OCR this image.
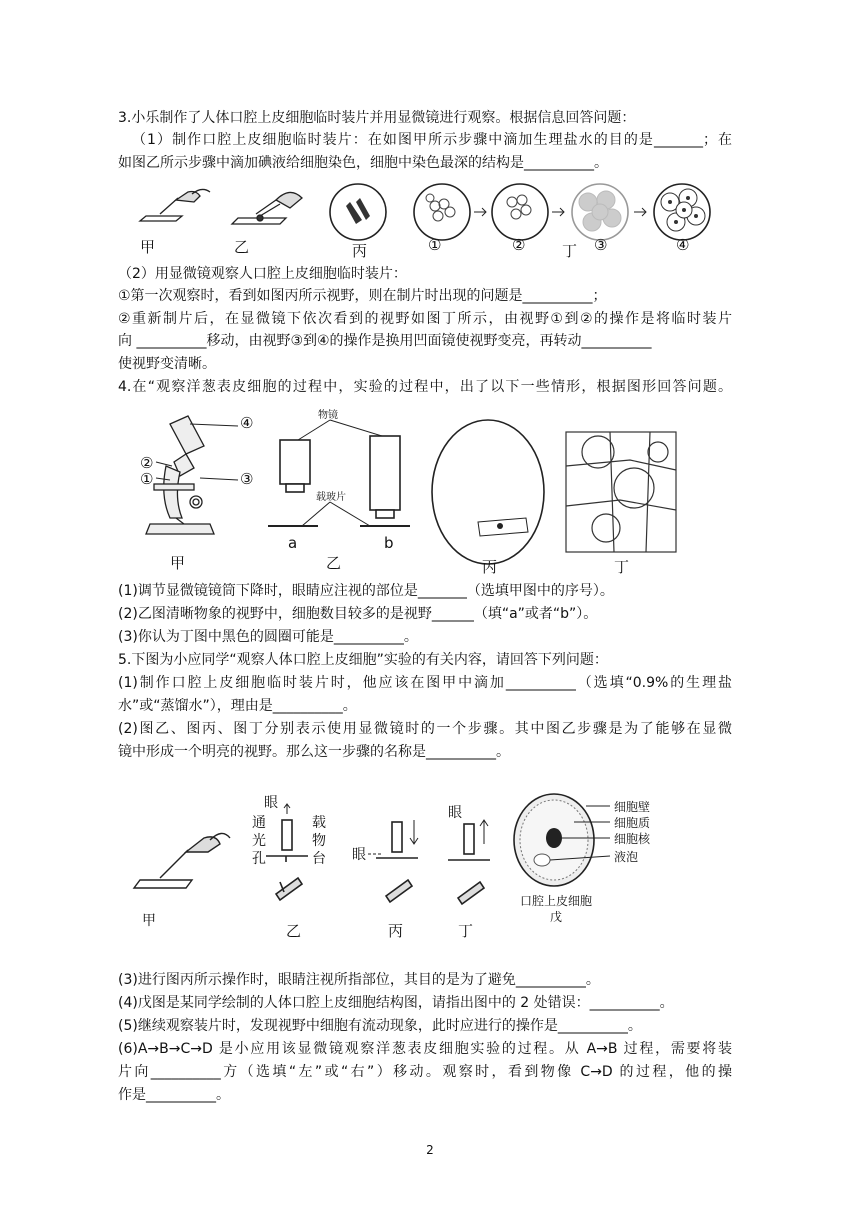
3.小乐制作了人体口腔上皮细胞临时装片并用显微镜进行观察。根据信息回答问题：
（1）制作口腔上皮细胞临时装片：在如图甲所示步骤中滴加生理盐水的目的是_______；在
如图乙所示步骤中滴加碘液给细胞染色，细胞中染色最深的结构是__________。
甲	乙	丙	①	② 丁 ③	④
（2）用显微镜观察人口腔上皮细胞临时装片：
①第一次观察时，看到如图丙所示视野，则在制片时出现的问题是__________；
②重新制片后，在显微镜下依次看到的视野如图丁所示，由视野①到②的操作是将临时装片
向 __________移动，由视野③到④的操作是换用凹面镜使视野变亮，再转动__________
使视野变清晰。
4.在“观察洋葱表皮细胞的过程中，实验的过程中，出了以下一些情形，根据图形回答问题。
④
②
①	③
物镜
载玻片
a	b
甲	乙	丙	丁
(1)调节显微镜镜筒下降时，眼睛应注视的部位是_______（选填甲图中的序号）。
(2)乙图清晰物象的视野中，细胞数目较多的是视野______（填“a”或者“b”）。
(3)你认为丁图中黑色的圆圈可能是__________。
5.下图为小应同学“观察人体口腔上皮细胞”实验的有关内容，请回答下列问题：
(1)制作口腔上皮细胞临时装片时，他应该在图甲中滴加__________（选填“0.9%的生理盐
水”或“蒸馏水”），理由是__________。
(2)图乙、图丙、图丁分别表示使用显微镜时的一个步骤。其中图乙步骤是为了能够在显微
镜中形成一个明亮的视野。那么这一步骤的名称是__________。
眼
通
光
孔
载
物
台 眼
眼	细胞壁
细胞质
细胞核
液泡
口腔上皮细胞
戊
甲
乙	丙	丁
(3)进行图丙所示操作时，眼睛注视所指部位，其目的是为了避免__________。
(4)戊图是某同学绘制的人体口腔上皮细胞结构图，请指出图中的 2 处错误：__________。
(5)继续观察装片时，发现视野中细胞有流动现象，此时应进行的操作是__________。
(6)A→B→C→D 是小应用该显微镜观察洋葱表皮细胞实验的过程。从 A→B 过程，需要将装
片向__________方（选填“左”或“右”）移动。观察时，看到物像 C→D 的过程，他的操
作是__________。
2
